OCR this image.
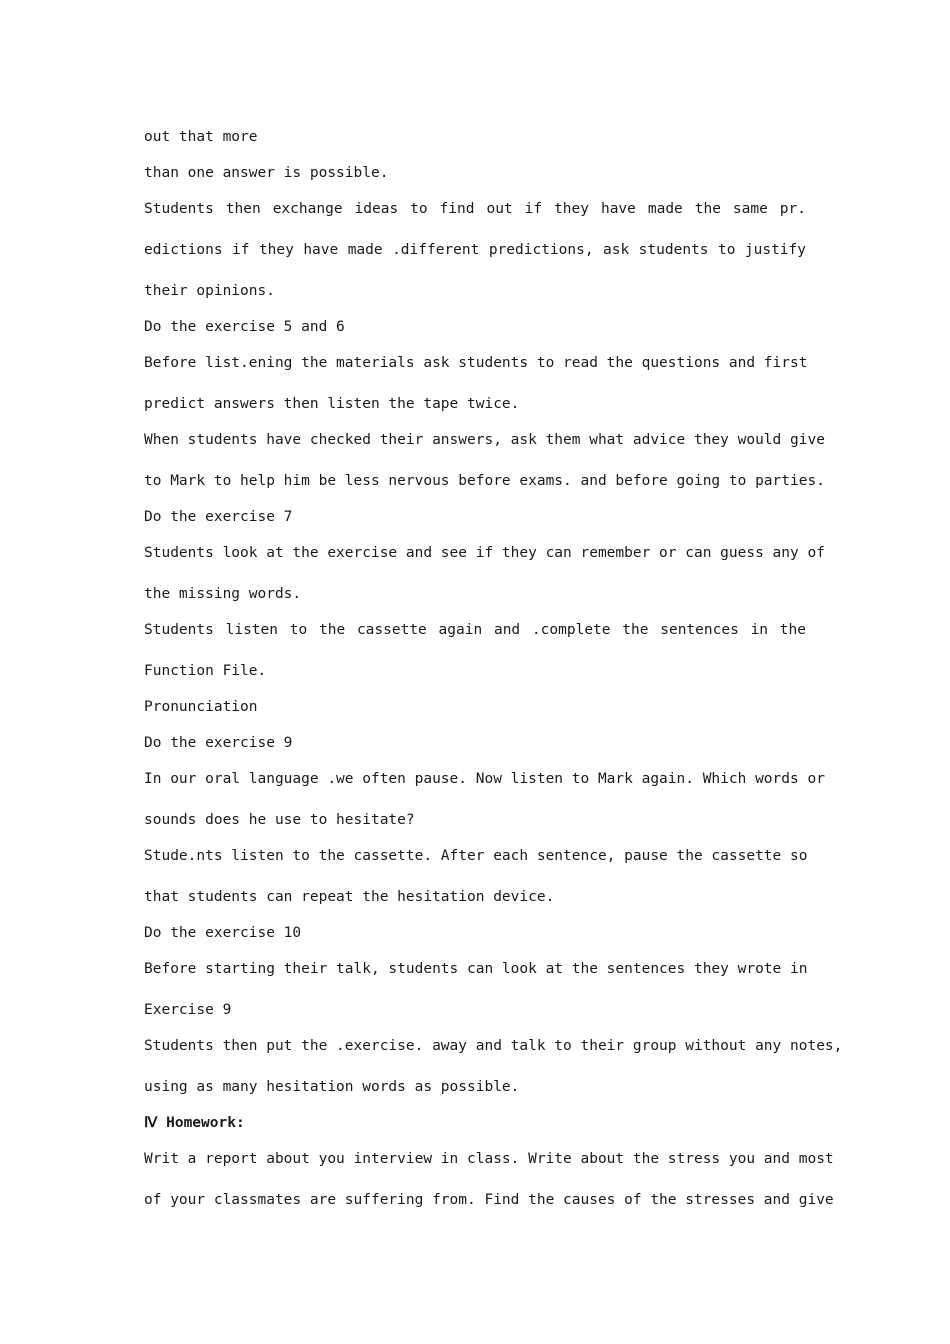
out that more
than one answer is possible.
Students then exchange ideas to find out if they have made the same pr.
edictions if they have made .different predictions, ask students to justify
their opinions.
Do the exercise 5 and 6
Before list.ening the materials ask students to read the questions and first
predict answers then listen the tape twice.
When students have checked their answers, ask them what advice they would give
to Mark to help him be less nervous before exams. and before going to parties.
Do the exercise 7
Students look at the exercise and see if they can remember or can guess any of
the missing words.
Students listen to the cassette again and .complete the sentences in the
Function File.
Pronunciation
Do the exercise 9
In our oral language .we often pause. Now listen to Mark again. Which words or
sounds does he use to hesitate?
Stude.nts listen to the cassette. After each sentence, pause the cassette so
that students can repeat the hesitation device.
Do the exercise 10
Before starting their talk, students can look at the sentences they wrote in
Exercise 9
Students then put the .exercise. away and talk to their group without any notes,
using as many hesitation words as possible.
Ⅳ Homework:
Writ a report about you interview in class. Write about the stress you and most
of your classmates are suffering from. Find the causes of the stresses and give
